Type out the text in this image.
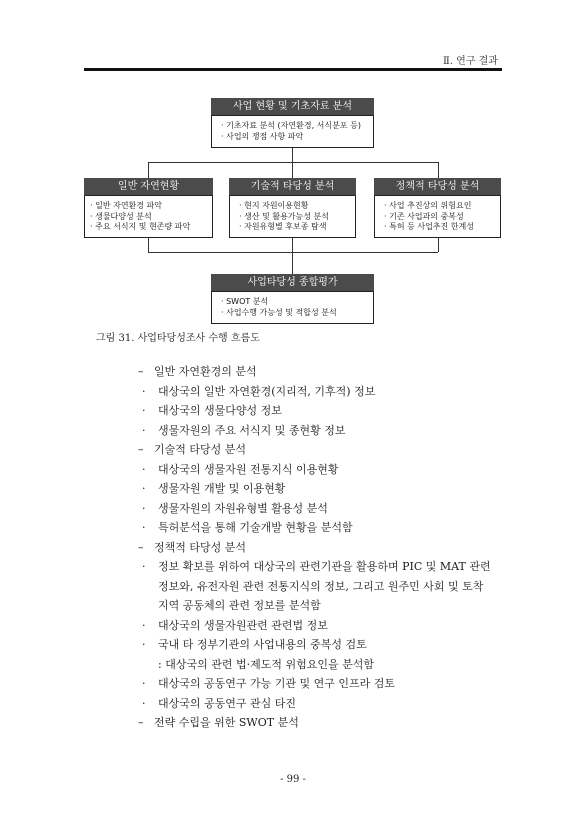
Ⅱ. 연구 결과
사업 현황 및 기초자료 분석
· 기초자료 분석 (자연환경, 서식분포 등)
· 사업의 쟁점 사항 파악
일반 자연현황
· 일반 자연환경 파악
· 생물다양성 분석
· 주요 서식지 및 현존량 파악
기술적 타당성 분석
· 현지 자원이용현황
· 생산 및 활용가능성 분석
· 자원유형별 후보종 탐색
정책적 타당성 분석
· 사업 추진상의 위험요인
· 기존 사업과의 중복성
· 특허 등 사업추진 한계성
사업타당성 종합평가
· SWOT 분석
· 사업수행 가능성 및 적합성 분석
그림 31. 사업타당성조사 수행 흐름도
– 일반 자연환경의 분석
· 대상국의 일반 자연환경(지리적, 기후적) 정보
· 대상국의 생물다양성 정보
· 생물자원의 주요 서식지 및 종현황 정보
– 기술적 타당성 분석
· 대상국의 생물자원 전통지식 이용현황
· 생물자원 개발 및 이용현황
· 생물자원의 자원유형별 활용성 분석
· 특허분석을 통해 기술개발 현황을 분석함
– 정책적 타당성 분석
· 정보 확보를 위하여 대상국의 관련기관을 활용하며 PIC 및 MAT 관련
정보와, 유전자원 관련 전통지식의 정보, 그리고 원주민 사회 및 토착
지역 공동체의 관련 정보를 분석함
· 대상국의 생물자원관련 관련법 정보
· 국내 타 정부기관의 사업내용의 중복성 검토
: 대상국의 관련 법·제도적 위험요인을 분석함
· 대상국의 공동연구 가능 기관 및 연구 인프라 검토
· 대상국의 공동연구 관심 타진
– 전략 수립을 위한 SWOT 분석
- 99 -
